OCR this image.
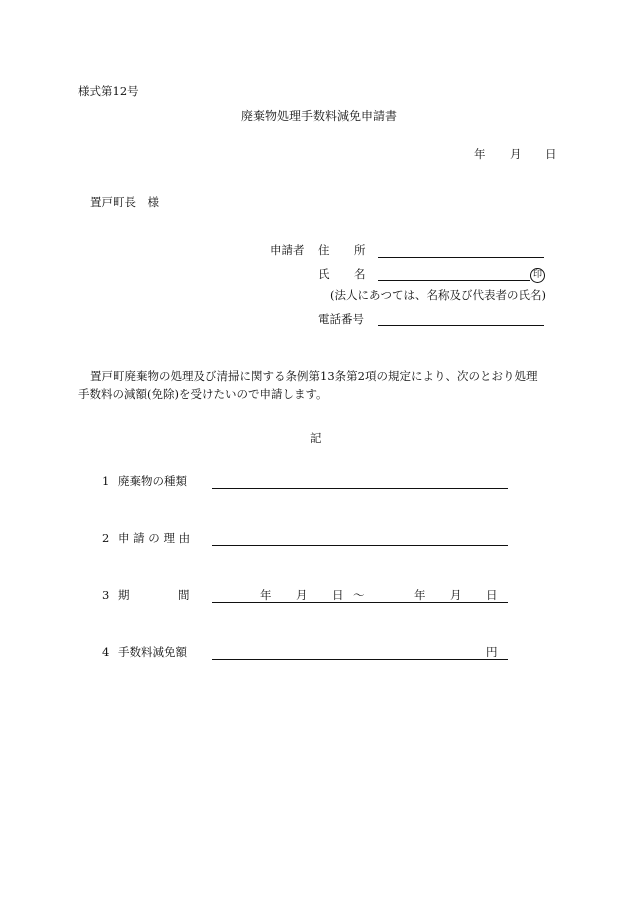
様式第12号
廃棄物処理手数料減免申請書
年 月 日
置戸町長　様
申請者 住 所
氏 名	印
(法人にあつては、名称及び代表者の氏名)
電話番号
置戸町廃棄物の処理及び清掃に関する条例第13条第2項の規定により、次のとおり処理
手数料の減額(免除)を受けたいので申請します。
記
1 廃棄物の種類
2 申 請 の 理 由
3 期	間	年 月 日 ～	年 月 日
4 手数料減免額	円
